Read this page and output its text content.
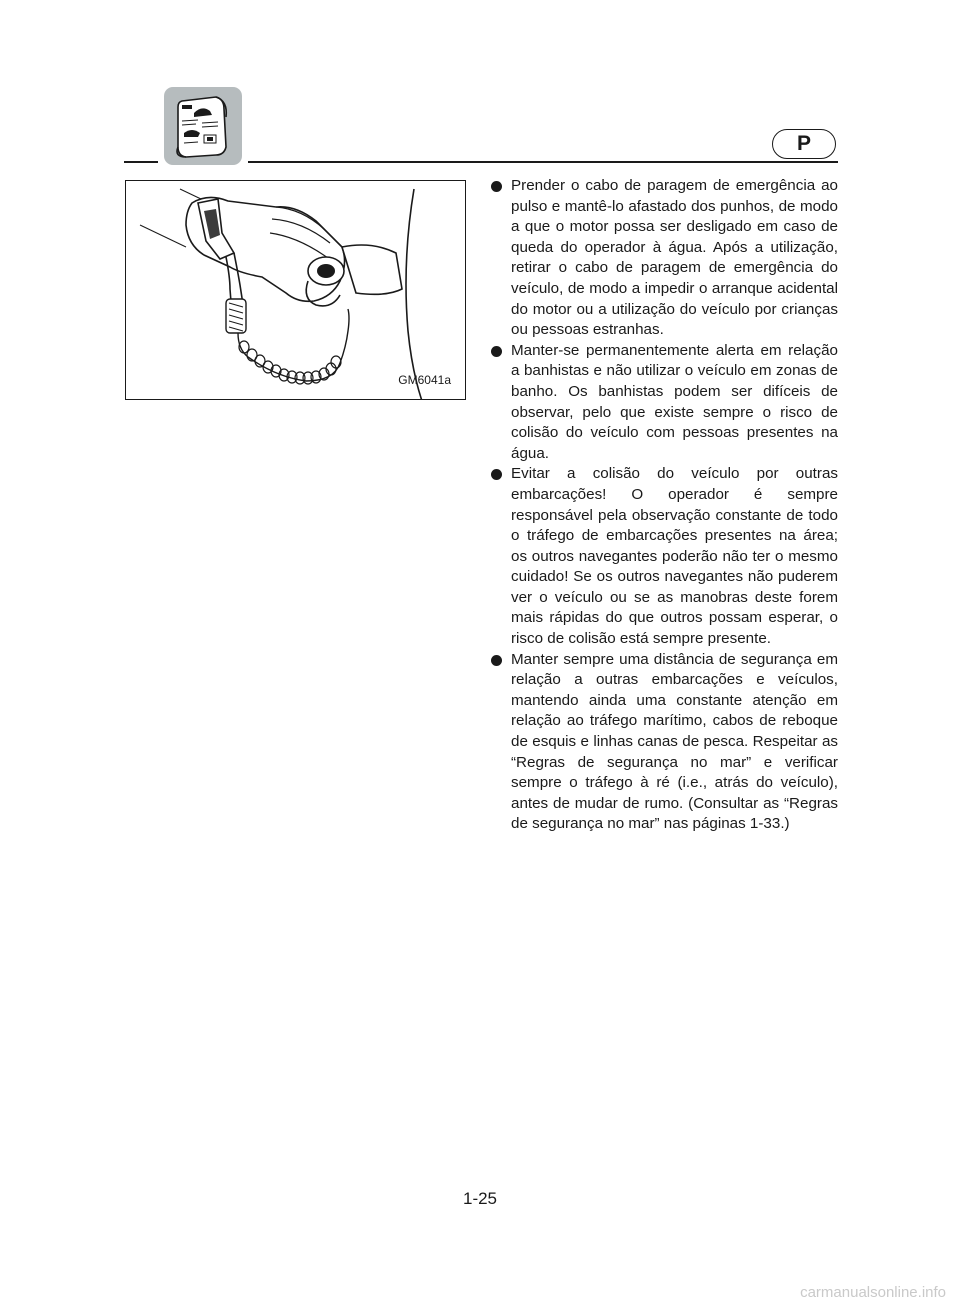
P
GM6041a

Prender o cabo de paragem de emergência ao pulso e mantê-lo afastado dos punhos, de modo a que o motor possa ser desligado em caso de queda do operador à água. Após a utilização, retirar o cabo de paragem de emergência do veículo, de modo a impedir o arranque acidental do motor ou a utilização do veículo por crianças ou pessoas estranhas.

Manter-se permanentemente alerta em relação a banhistas e não utilizar o veículo em zonas de banho. Os banhistas podem ser difíceis de observar, pelo que existe sempre o risco de colisão do veículo com pessoas presentes na água.

Evitar a colisão do veículo por outras embarcações! O operador é sempre responsável pela observação constante de todo o tráfego de embarcações presentes na área; os outros navegantes poderão não ter o mesmo cuidado! Se os outros navegantes não puderem ver o veículo ou se as manobras deste forem mais rápidas do que outros possam esperar, o risco de colisão está sempre presente.

Manter sempre uma distância de segurança em relação a outras embarcações e veículos, mantendo ainda uma constante atenção em relação ao tráfego marítimo, cabos de reboque de esquis e linhas canas de pesca. Respeitar as “Regras de segurança no mar” e verificar sempre o tráfego à ré (i.e., atrás do veículo), antes de mudar de rumo. (Consultar as “Regras de segurança no mar” nas páginas 1-33.)

1-25
carmanualsonline.info
